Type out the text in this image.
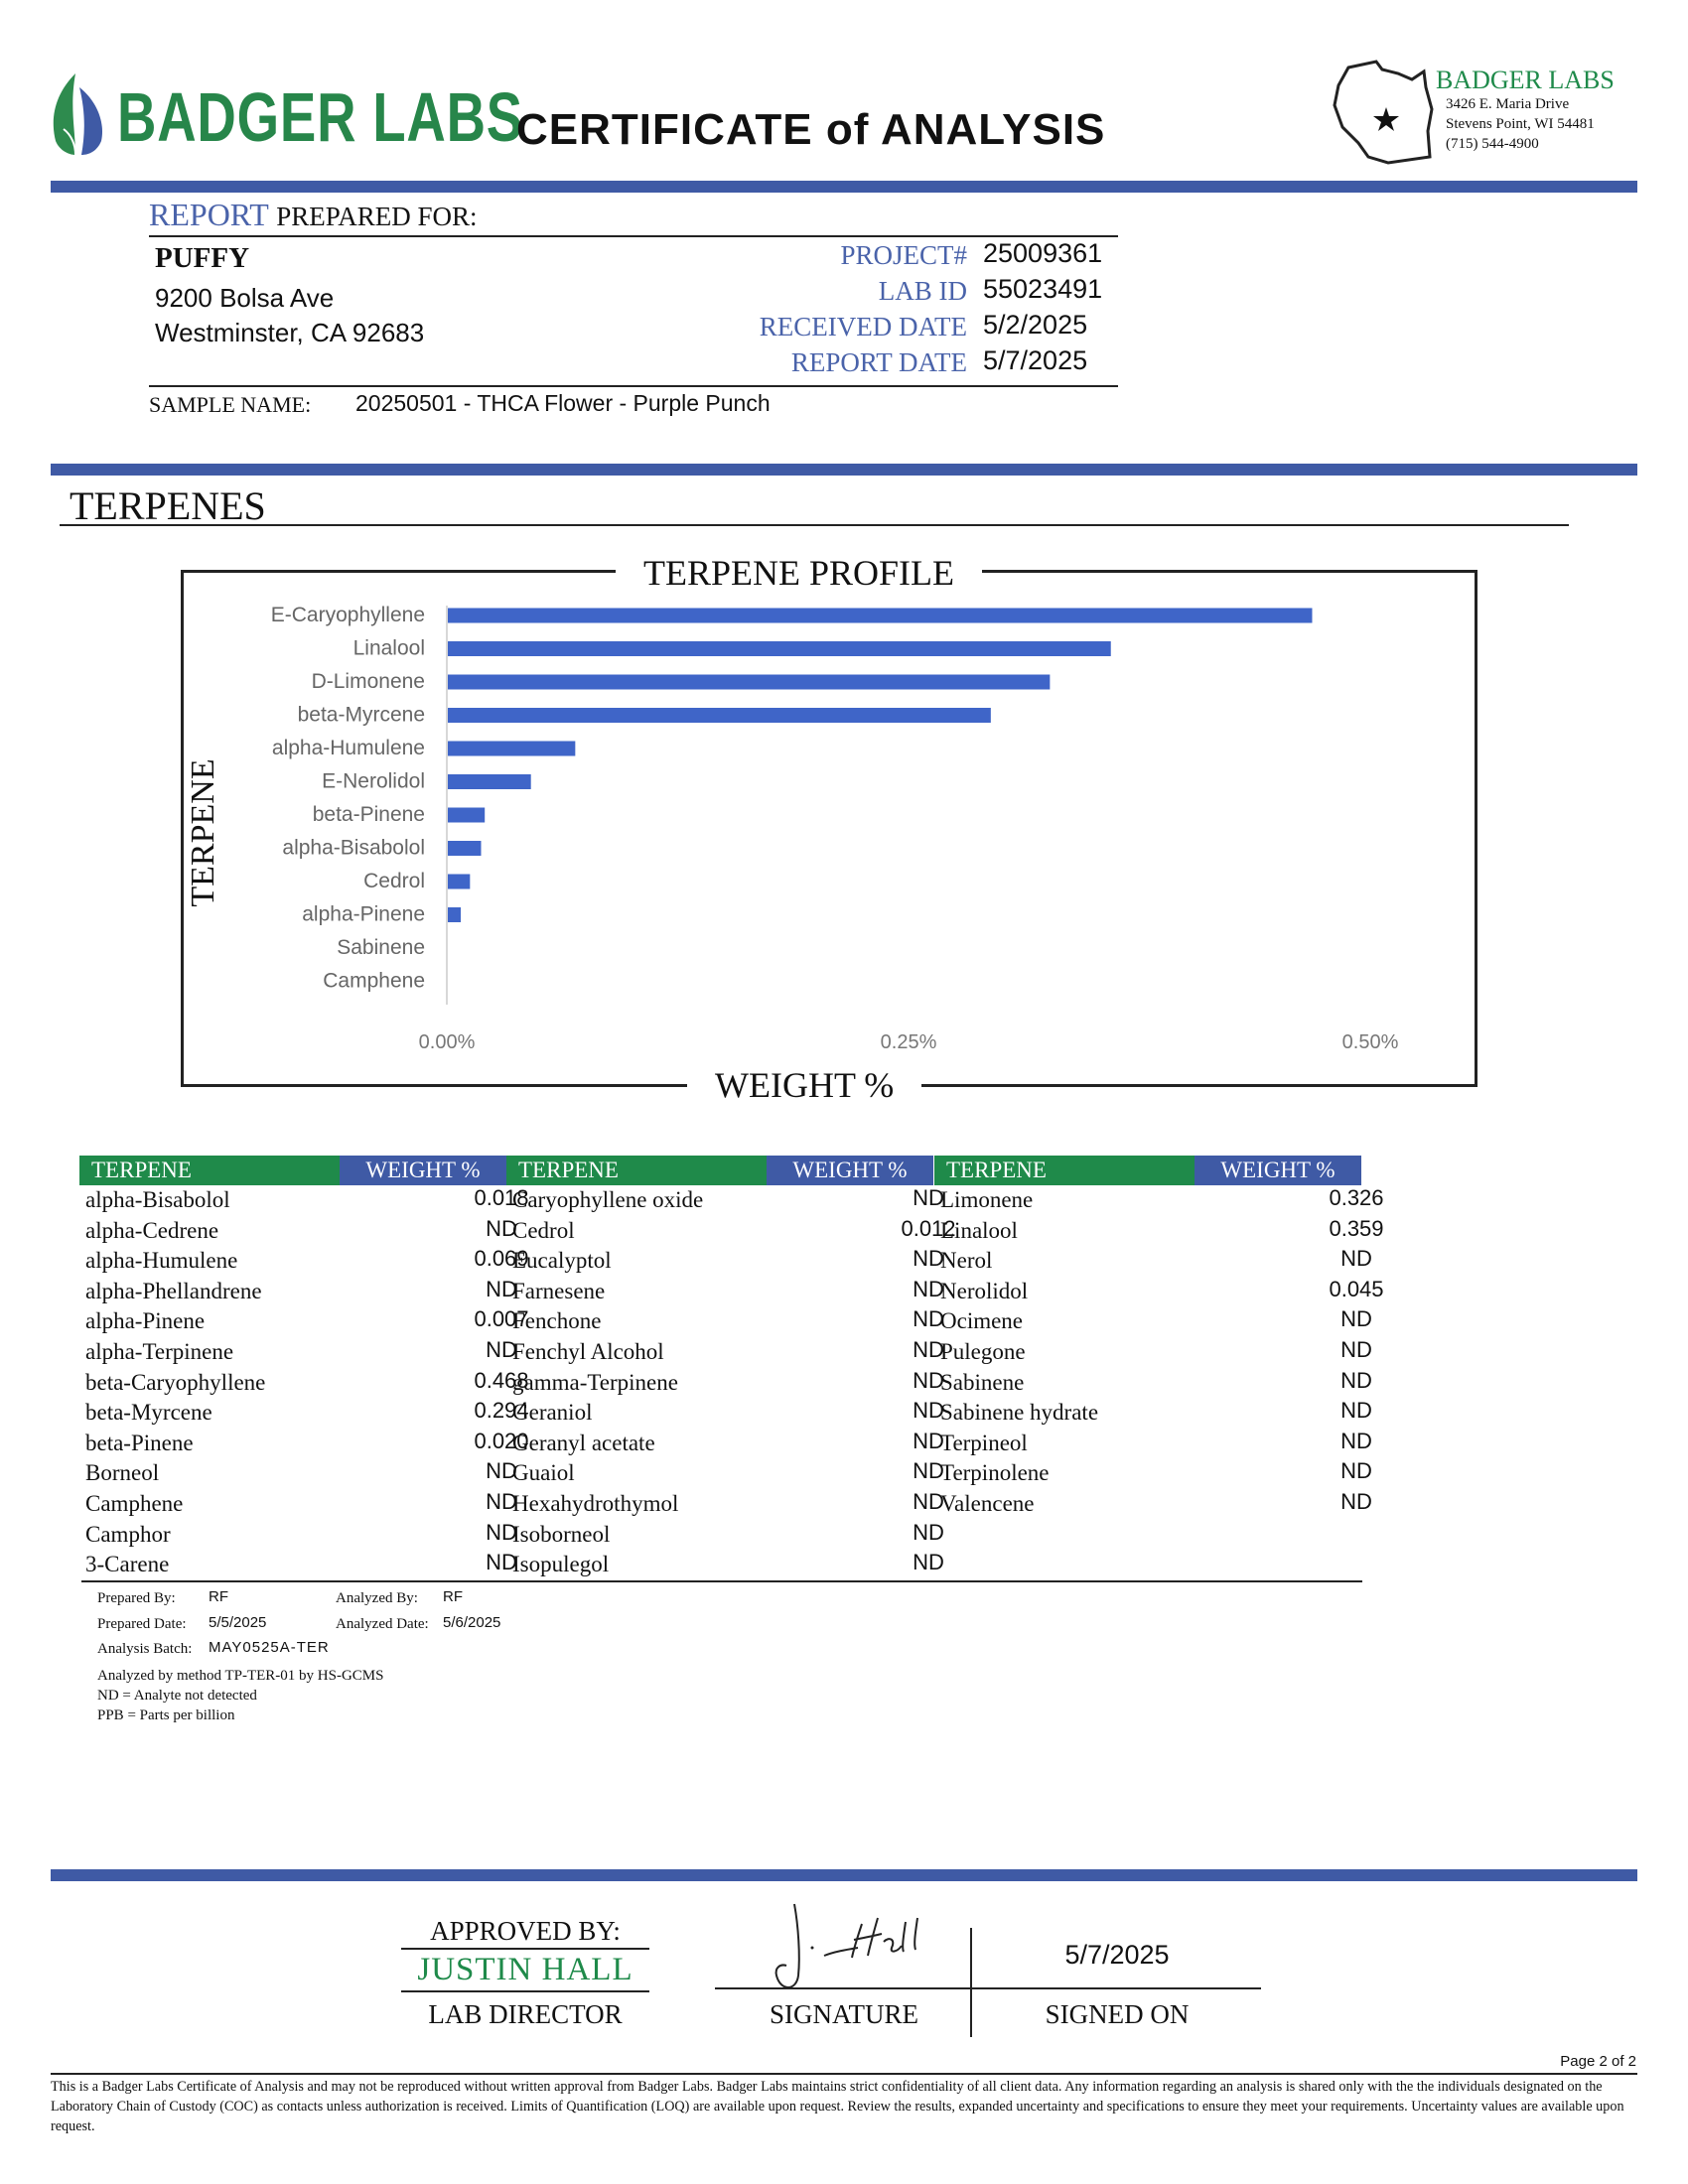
BADGER LABS
CERTIFICATE of ANALYSIS
BADGER LABS
3426 E. Maria Drive
Stevens Point, WI 54481
(715) 544-4900
REPORT PREPARED FOR:
PUFFY
9200 Bolsa Ave
Westminster, CA 92683
PROJECT# 25009361
LAB ID 55023491
RECEIVED DATE 5/2/2025
REPORT DATE 5/7/2025
SAMPLE NAME: 20250501 - THCA Flower - Purple Punch
TERPENES
TERPENE PROFILE
WEIGHT %
TERPENE
E-Caryophyllene
Linalool
D-Limonene
beta-Myrcene
alpha-Humulene
E-Nerolidol
beta-Pinene
alpha-Bisabolol
Cedrol
alpha-Pinene
Sabinene
Camphene
0.00%	0.25%	0.50%
TERPENE	WEIGHT %
alpha-Bisabolol	0.018
alpha-Cedrene	ND
alpha-Humulene	0.069
alpha-Phellandrene	ND
alpha-Pinene	0.007
alpha-Terpinene	ND
beta-Caryophyllene	0.468
beta-Myrcene	0.294
beta-Pinene	0.020
Borneol	ND
Camphene	ND
Camphor	ND
3-Carene	ND
TERPENE	WEIGHT %
Caryophyllene oxide	ND
Cedrol	0.012
Eucalyptol	ND
Farnesene	ND
Fenchone	ND
Fenchyl Alcohol	ND
gamma-Terpinene	ND
Geraniol	ND
Geranyl acetate	ND
Guaiol	ND
Hexahydrothymol	ND
Isoborneol	ND
Isopulegol	ND
TERPENE	WEIGHT %
Limonene	0.326
Linalool	0.359
Nerol	ND
Nerolidol	0.045
Ocimene	ND
Pulegone	ND
Sabinene	ND
Sabinene hydrate	ND
Terpineol	ND
Terpinolene	ND
Valencene	ND
Prepared By: RF	Analyzed By: RF
Prepared Date: 5/5/2025	Analyzed Date: 5/6/2025
Analysis Batch: MAY0525A-TER
Analyzed by method TP-TER-01 by HS-GCMS
ND = Analyte not detected
PPB = Parts per billion
APPROVED BY:
JUSTIN HALL
LAB DIRECTOR
5/7/2025
SIGNATURE	SIGNED ON
Page 2 of 2
This is a Badger Labs Certificate of Analysis and may not be reproduced without written approval from Badger Labs. Badger Labs maintains strict confidentiality of all client data. Any information regarding an analysis is shared only with the the individuals designated on the Laboratory Chain of Custody (COC) as contacts unless authorization is received. Limits of Quantification (LOQ) are available upon request. Review the results, expanded uncertainty and specifications to ensure they meet your requirements. Uncertainty values are available upon request.
